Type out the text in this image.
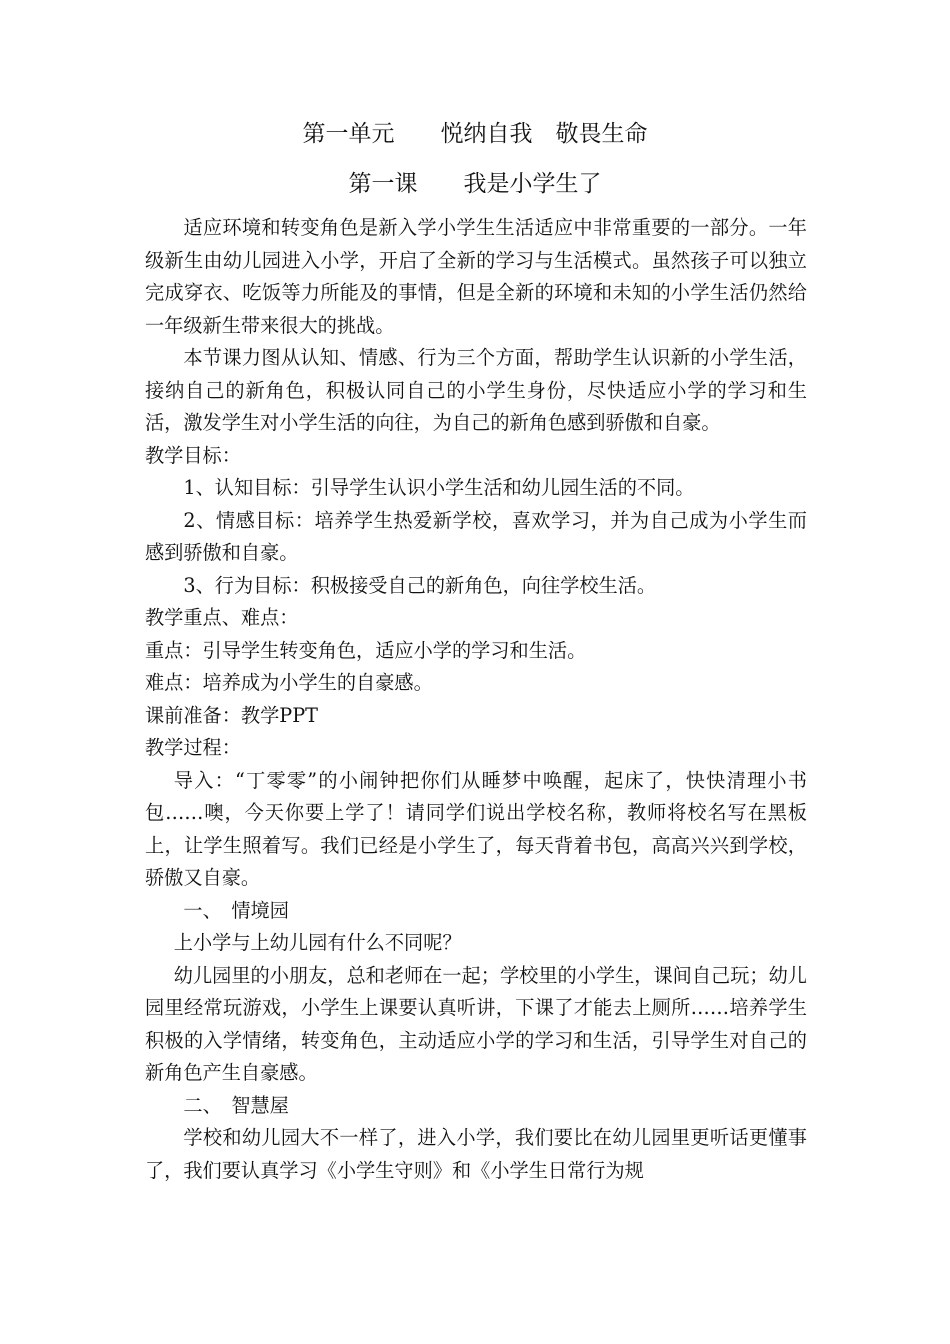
第一单元　　悦纳自我　敬畏生命
第一课　　我是小学生了

适应环境和转变角色是新入学小学生生活适应中非常重要的一部分。一年级新生由幼儿园进入小学，开启了全新的学习与生活模式。虽然孩子可以独立完成穿衣、吃饭等力所能及的事情，但是全新的环境和未知的小学生活仍然给一年级新生带来很大的挑战。

本节课力图从认知、情感、行为三个方面，帮助学生认识新的小学生活，接纳自己的新角色，积极认同自己的小学生身份，尽快适应小学的学习和生活，激发学生对小学生活的向往，为自己的新角色感到骄傲和自豪。

教学目标：

1、认知目标：引导学生认识小学生活和幼儿园生活的不同。

2、情感目标：培养学生热爱新学校，喜欢学习，并为自己成为小学生而感到骄傲和自豪。

3、行为目标：积极接受自己的新角色，向往学校生活。

教学重点、难点：

重点：引导学生转变角色，适应小学的学习和生活。

难点：培养成为小学生的自豪感。

课前准备：教学PPT

教学过程：

导入：“丁零零”的小闹钟把你们从睡梦中唤醒，起床了，快快清理小书包……噢，今天你要上学了！请同学们说出学校名称，教师将校名写在黑板上，让学生照着写。我们已经是小学生了，每天背着书包，高高兴兴到学校，骄傲又自豪。

一、　情境园

上小学与上幼儿园有什么不同呢？

幼儿园里的小朋友，总和老师在一起；学校里的小学生，课间自己玩；幼儿园里经常玩游戏，小学生上课要认真听讲，下课了才能去上厕所……培养学生积极的入学情绪，转变角色，主动适应小学的学习和生活，引导学生对自己的新角色产生自豪感。

二、　智慧屋

学校和幼儿园大不一样了，进入小学，我们要比在幼儿园里更听话更懂事了，我们要认真学习《小学生守则》和《小学生日常行为规
